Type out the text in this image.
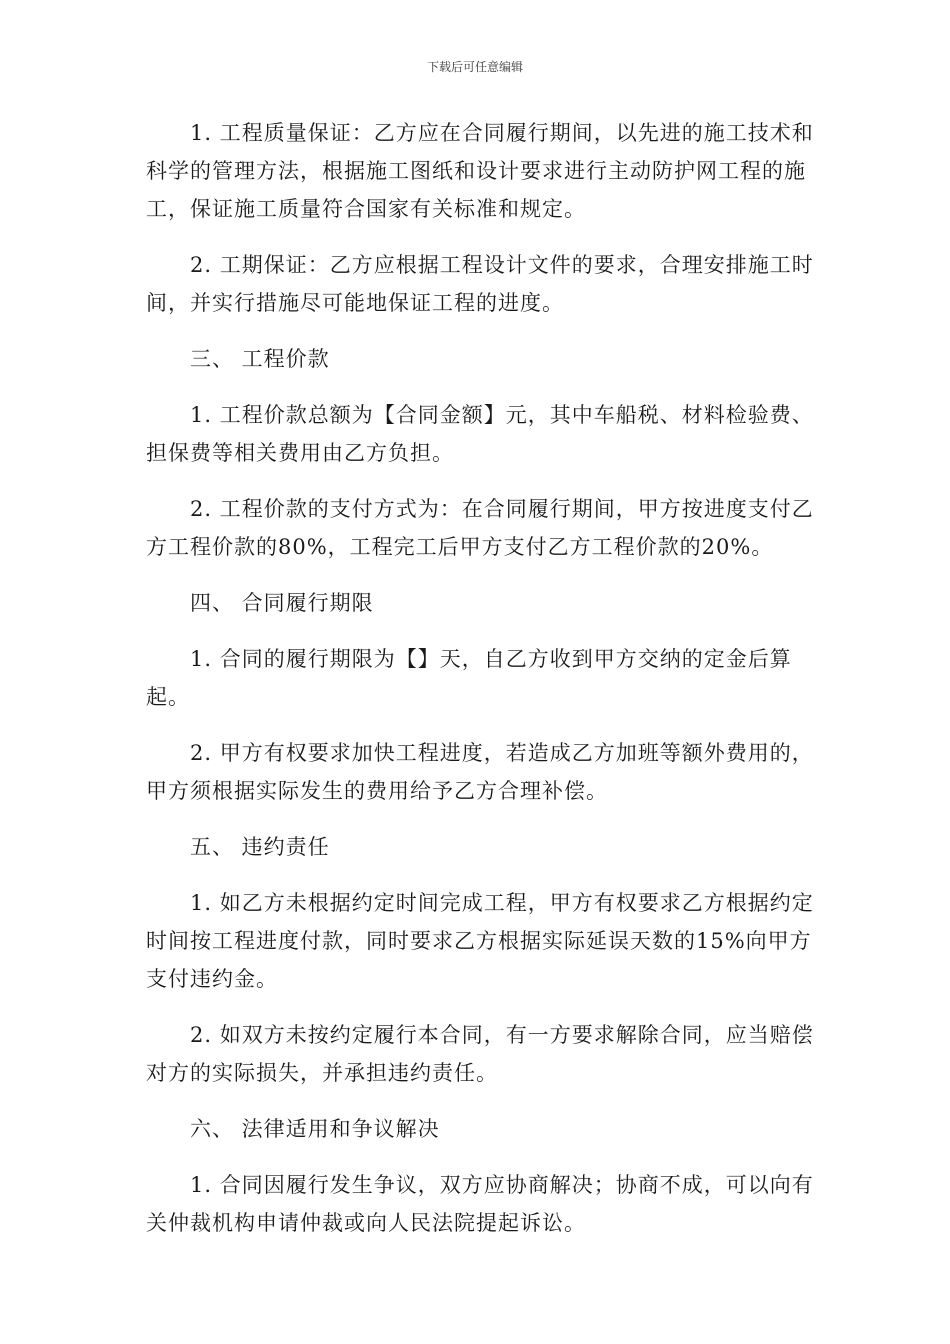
下载后可任意编辑

1. 工程质量保证：乙方应在合同履行期间，以先进的施工技术和科学的管理方法，根据施工图纸和设计要求进行主动防护网工程的施工，保证施工质量符合国家有关标准和规定。

2. 工期保证：乙方应根据工程设计文件的要求，合理安排施工时间，并实行措施尽可能地保证工程的进度。

三、 工程价款

1. 工程价款总额为【合同金额】元，其中车船税、材料检验费、担保费等相关费用由乙方负担。

2. 工程价款的支付方式为：在合同履行期间，甲方按进度支付乙方工程价款的80%，工程完工后甲方支付乙方工程价款的20%。

四、 合同履行期限

1. 合同的履行期限为【】天，自乙方收到甲方交纳的定金后算起。

2. 甲方有权要求加快工程进度，若造成乙方加班等额外费用的，甲方须根据实际发生的费用给予乙方合理补偿。

五、 违约责任

1. 如乙方未根据约定时间完成工程，甲方有权要求乙方根据约定时间按工程进度付款，同时要求乙方根据实际延误天数的15%向甲方支付违约金。

2. 如双方未按约定履行本合同，有一方要求解除合同，应当赔偿对方的实际损失，并承担违约责任。

六、 法律适用和争议解决

1. 合同因履行发生争议，双方应协商解决；协商不成，可以向有关仲裁机构申请仲裁或向人民法院提起诉讼。
